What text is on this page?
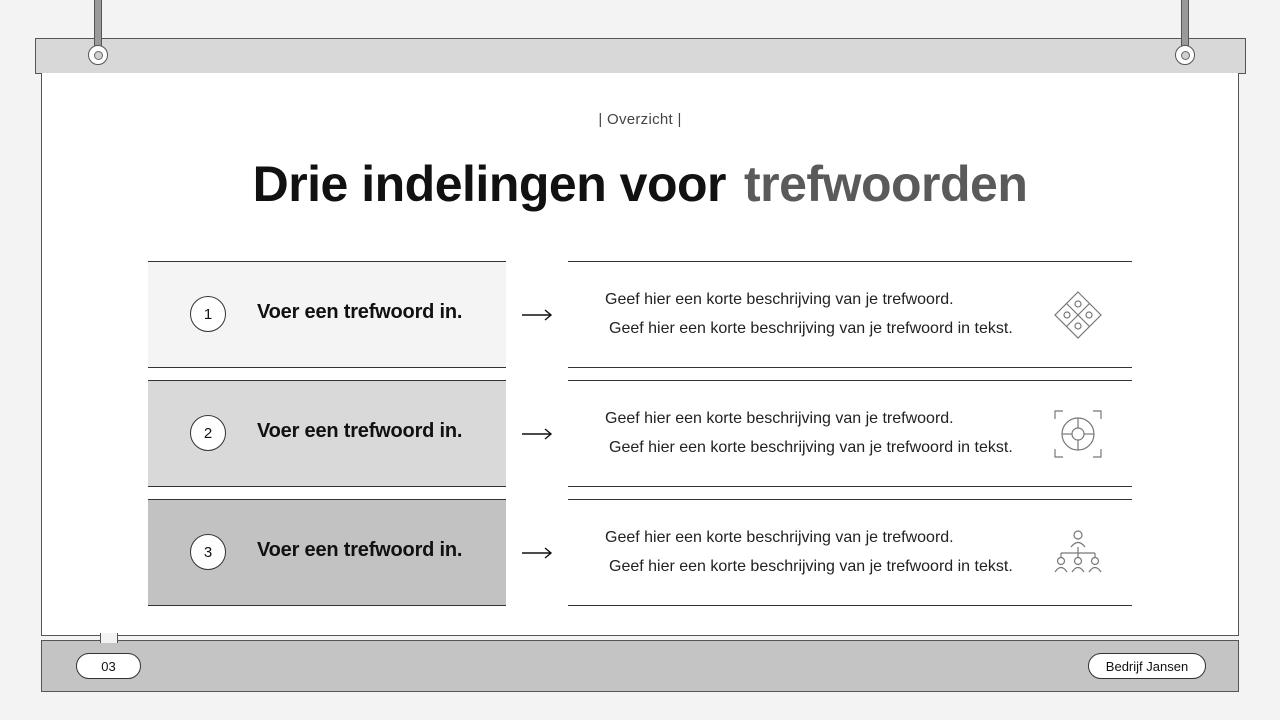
| Overzicht |
Drie indelingen voor trefwoorden
1	Voer een trefwoord in.
Geef hier een korte beschrijving van je trefwoord.
Geef hier een korte beschrijving van je trefwoord in tekst.
2	Voer een trefwoord in.
Geef hier een korte beschrijving van je trefwoord.
Geef hier een korte beschrijving van je trefwoord in tekst.
3	Voer een trefwoord in.
Geef hier een korte beschrijving van je trefwoord.
Geef hier een korte beschrijving van je trefwoord in tekst.
03	Bedrijf Jansen
